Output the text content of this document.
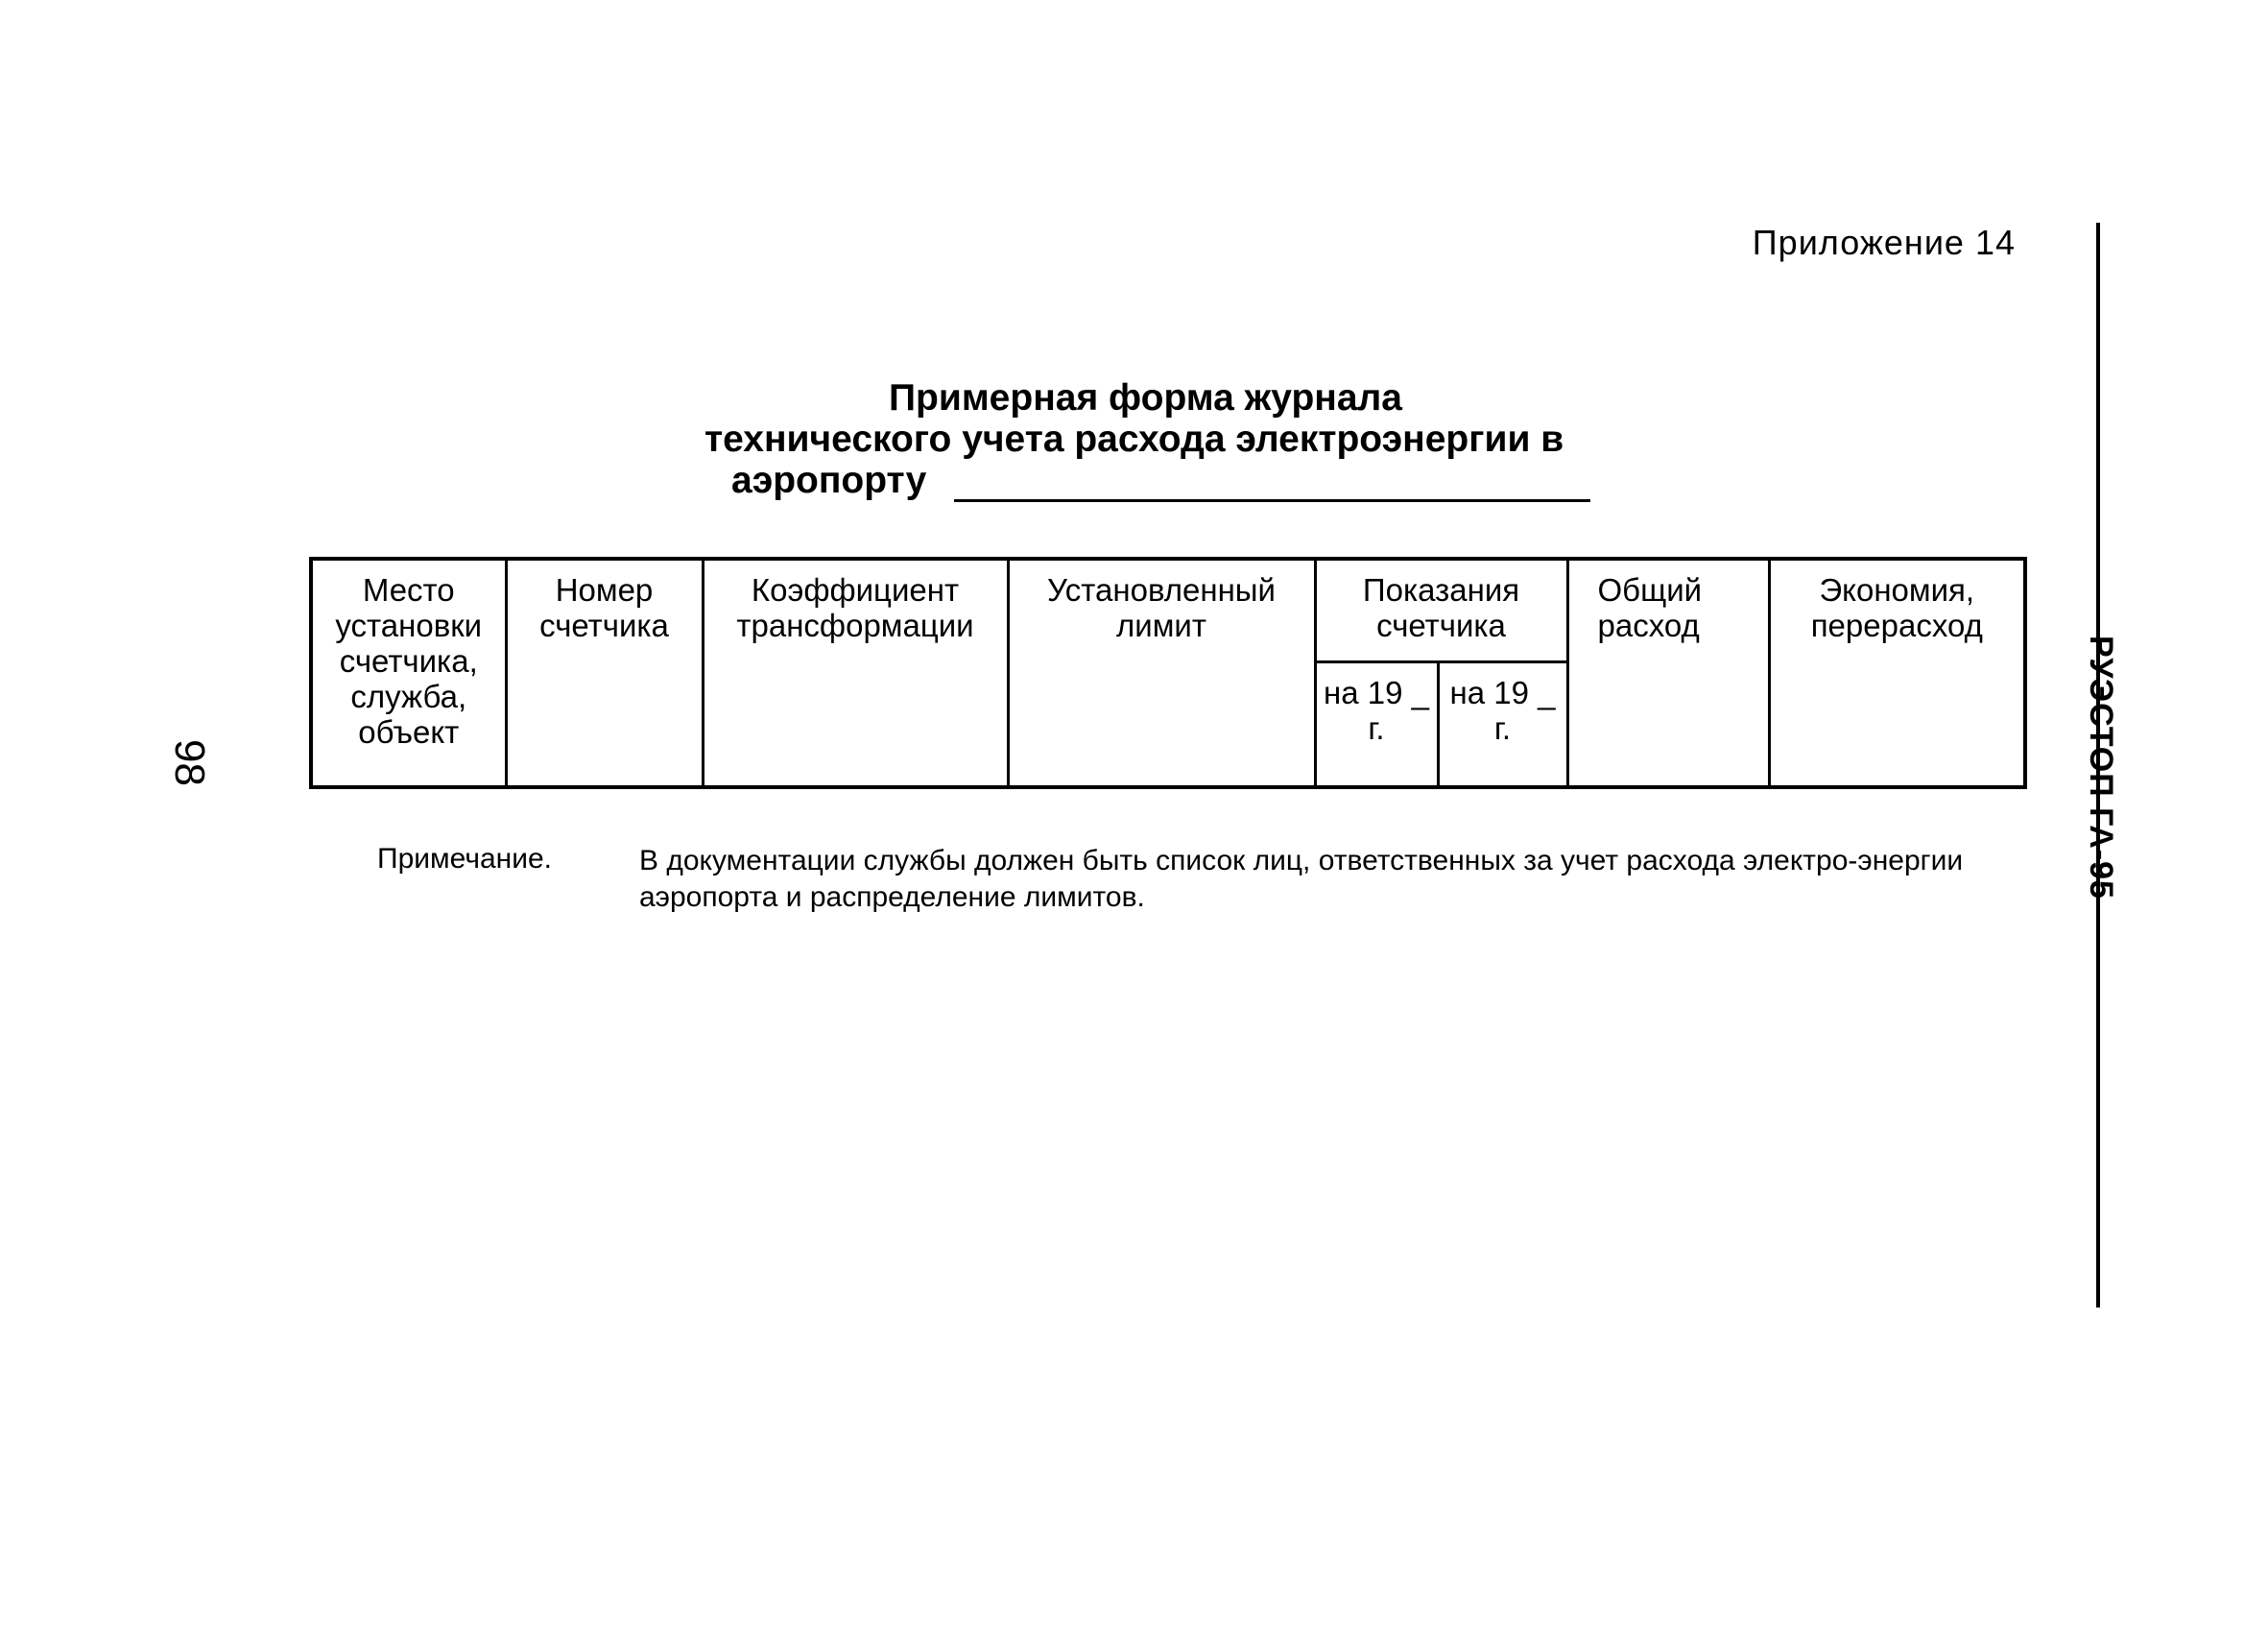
Приложение 14
Примерная форма журнала
технического учета расхода электроэнергии в
аэропорту
Место установки счетчика, служба, объект	Номер счетчика	Коэффициент трансформации	Установленный лимит	Показания счетчика		Общий расход	Экономия, перерасход
				на 19 _ г.	на 19 _ г.		
Примечание.	В документации службы должен быть список лиц, ответственных за учет расхода электро-энергии аэропорта и распределение лимитов.
98	РУЭСТОП ГА-95
